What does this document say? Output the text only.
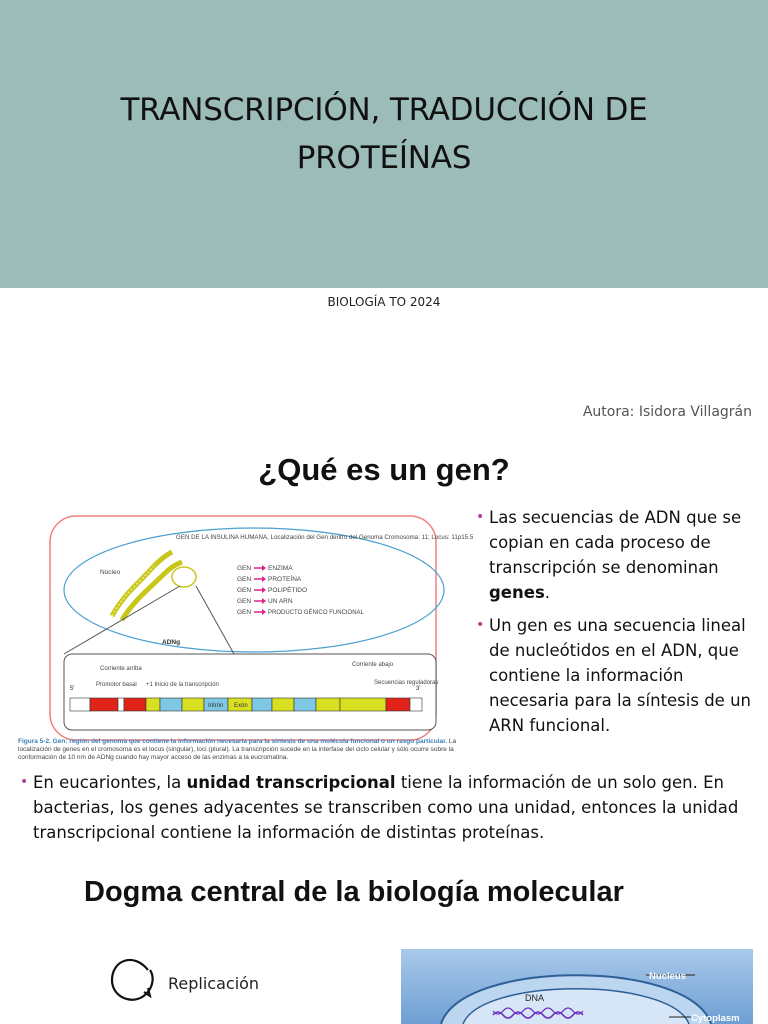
TRANSCRIPCIÓN, TRADUCCIÓN DE
PROTEÍNAS
BIOLOGÍA TO 2024
Autora: Isidora Villagrán
¿Qué es un gen?
Núcleo
GEN DE LA INSULINA HUMANA, Localización del Gen dentro del Genoma Cromosoma: 11; Locus: 11p15.5
GEN	ENZIMA
GEN	PROTEÍNA
GEN	POLIPÉTIDO
GEN	UN ARN
GEN	PRODUCTO GÉNICO FUNCIONAL
ADNg
Corriente arriba
Corriente abajo
5'	3'
Promotor basal +1 Inicio de la transcripción	Secuencias reguladoras
Intrón Exón
Figura 5-2. Gen: región del genoma que contiene la información necesaria para la síntesis de una molécula funcional o un rasgo particular. La localización de genes en el cromosoma es el locus (singular), loci (plural). La transcripción sucede en la interfase del ciclo celular y sólo ocurre sobre la conformación de 10 nm de ADNg cuando hay mayor acceso de las enzimas a la eucromatina.
• Las secuencias de ADN que se copian en cada proceso de transcripción se denominan genes.
• Un gen es una secuencia lineal de nucleótidos en el ADN, que contiene la información necesaria para la síntesis de un ARN funcional.
• En eucariontes, la unidad transcripcional tiene la información de un solo gen. En bacterias, los genes adyacentes se transcriben como una unidad, entonces la unidad transcripcional contiene la información de distintas proteínas.
Dogma central de la biología molecular
Replicación
DNA
Nucleus
Cytoplasm
